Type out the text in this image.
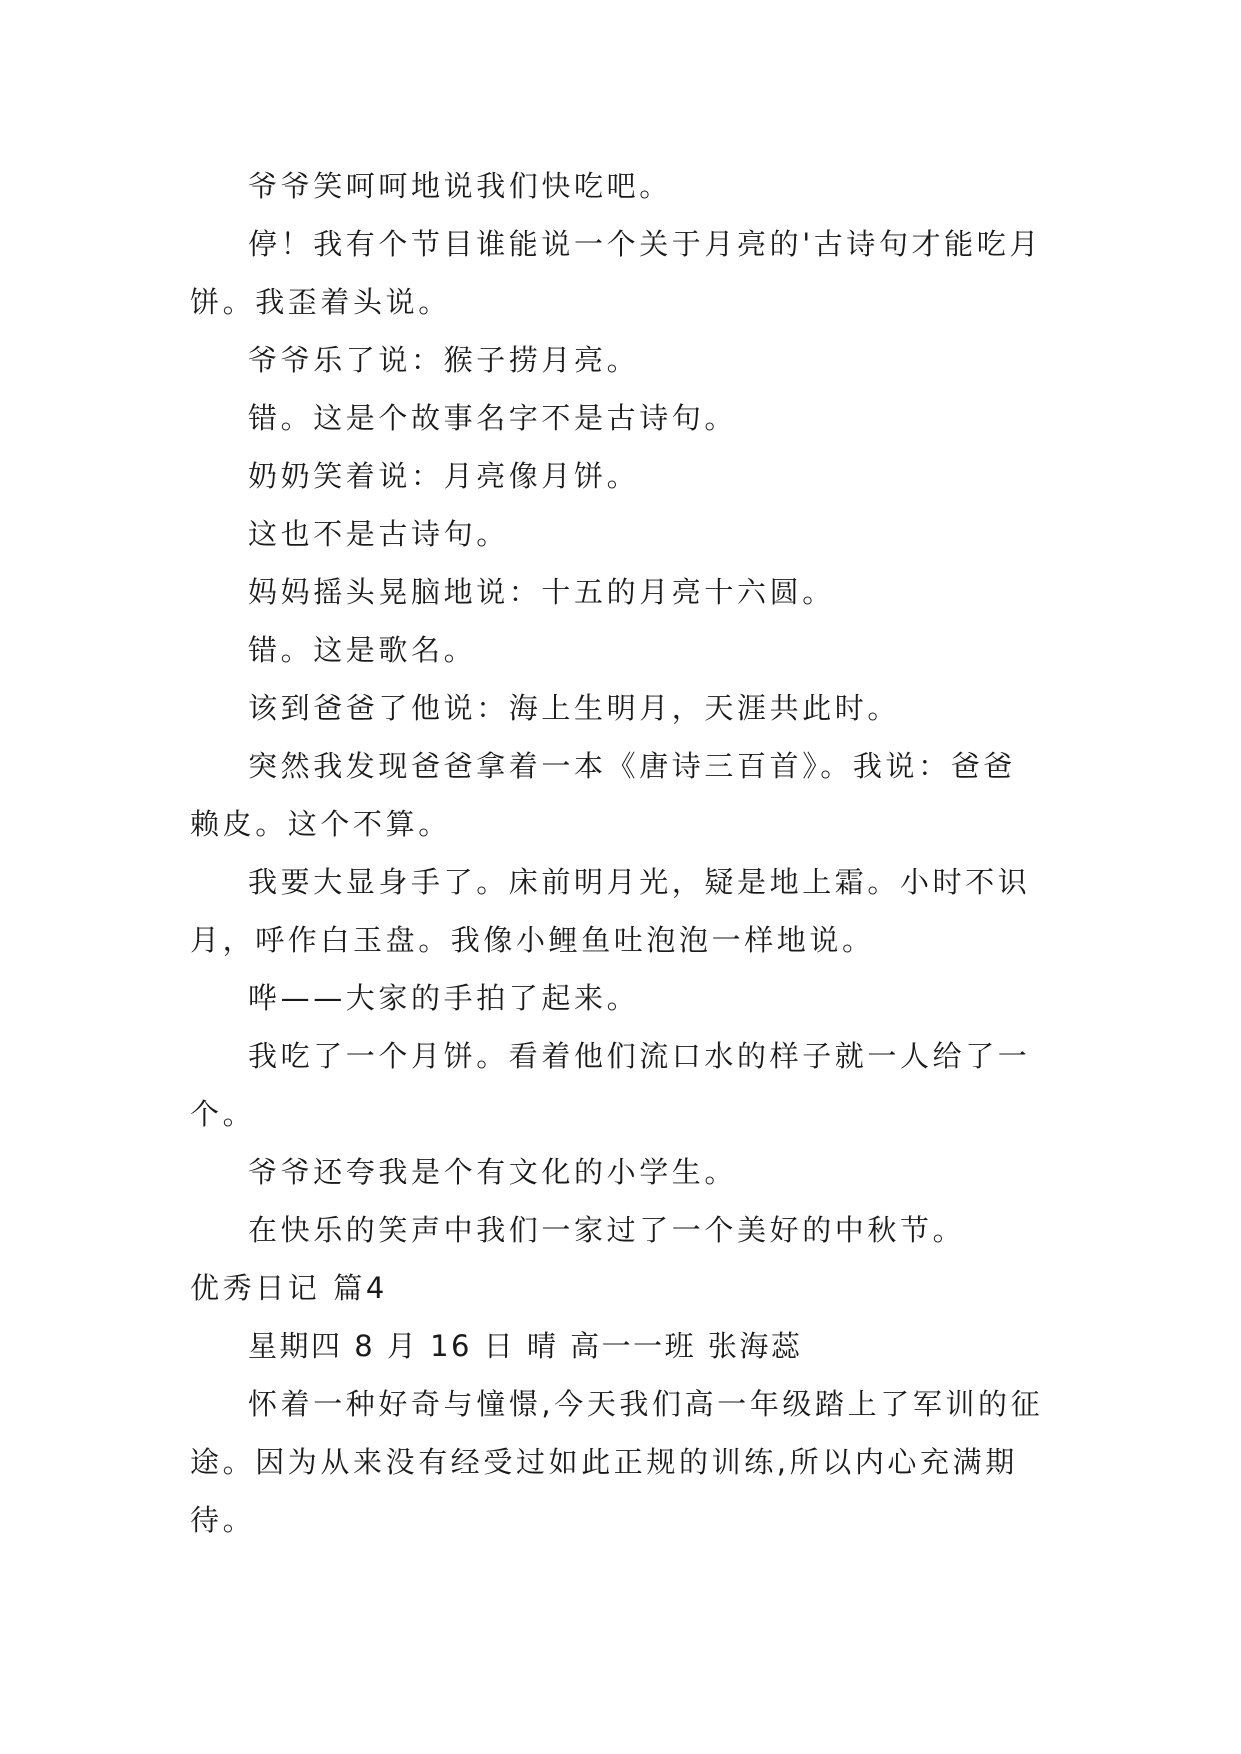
爷爷笑呵呵地说我们快吃吧。

停！我有个节目谁能说一个关于月亮的'古诗句才能吃月饼。我歪着头说。

爷爷乐了说：猴子捞月亮。

错。这是个故事名字不是古诗句。

奶奶笑着说：月亮像月饼。

这也不是古诗句。

妈妈摇头晃脑地说：十五的月亮十六圆。

错。这是歌名。

该到爸爸了他说：海上生明月，天涯共此时。

突然我发现爸爸拿着一本《唐诗三百首》。我说：爸爸赖皮。这个不算。

我要大显身手了。床前明月光，疑是地上霜。小时不识月，呼作白玉盘。我像小鲤鱼吐泡泡一样地说。

哗——大家的手拍了起来。

我吃了一个月饼。看着他们流口水的样子就一人给了一个。

爷爷还夸我是个有文化的小学生。

在快乐的笑声中我们一家过了一个美好的中秋节。

优秀日记 篇4

星期四 8 月 16 日 晴 高一一班 张海蕊

怀着一种好奇与憧憬,今天我们高一年级踏上了军训的征途。因为从来没有经受过如此正规的训练,所以内心充满期待。
